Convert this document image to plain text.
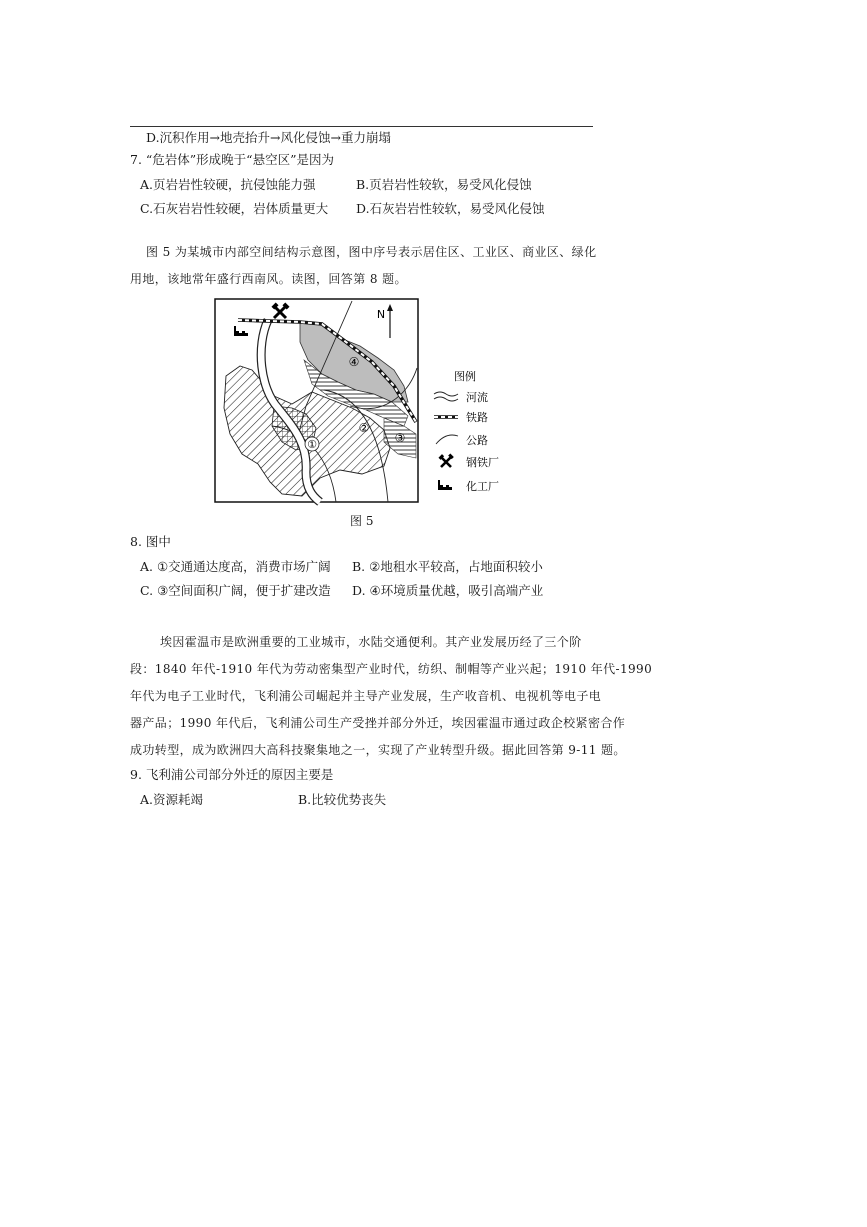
D.沉积作用→地壳抬升→风化侵蚀→重力崩塌
7. “危岩体”形成晚于“悬空区”是因为
A.页岩岩性较硬，抗侵蚀能力强	B.页岩岩性较软，易受风化侵蚀
C.石灰岩岩性较硬，岩体质量更大 D.石灰岩岩性较软，易受风化侵蚀
图 5 为某城市内部空间结构示意图，图中序号表示居住区、工业区、商业区、绿化
用地，该地常年盛行西南风。读图，回答第 8 题。
①
②
③
④
N
图例
河流
铁路
公路
钢铁厂
化工厂
图 5
8. 图中
A. ①交通通达度高，消费市场广阔 B. ②地租水平较高，占地面积较小
C. ③空间面积广阔，便于扩建改造 D. ④环境质量优越，吸引高端产业
埃因霍温市是欧洲重要的工业城市，水陆交通便利。其产业发展历经了三个阶
段：1840 年代-1910 年代为劳动密集型产业时代，纺织、制帽等产业兴起；1910 年代-1990
年代为电子工业时代，飞利浦公司崛起并主导产业发展，生产收音机、电视机等电子电
器产品；1990 年代后，飞利浦公司生产受挫并部分外迁，埃因霍温市通过政企校紧密合作
成功转型，成为欧洲四大高科技聚集地之一，实现了产业转型升级。据此回答第 9-11 题。
9. 飞利浦公司部分外迁的原因主要是
A.资源耗竭	B.比较优势丧失
